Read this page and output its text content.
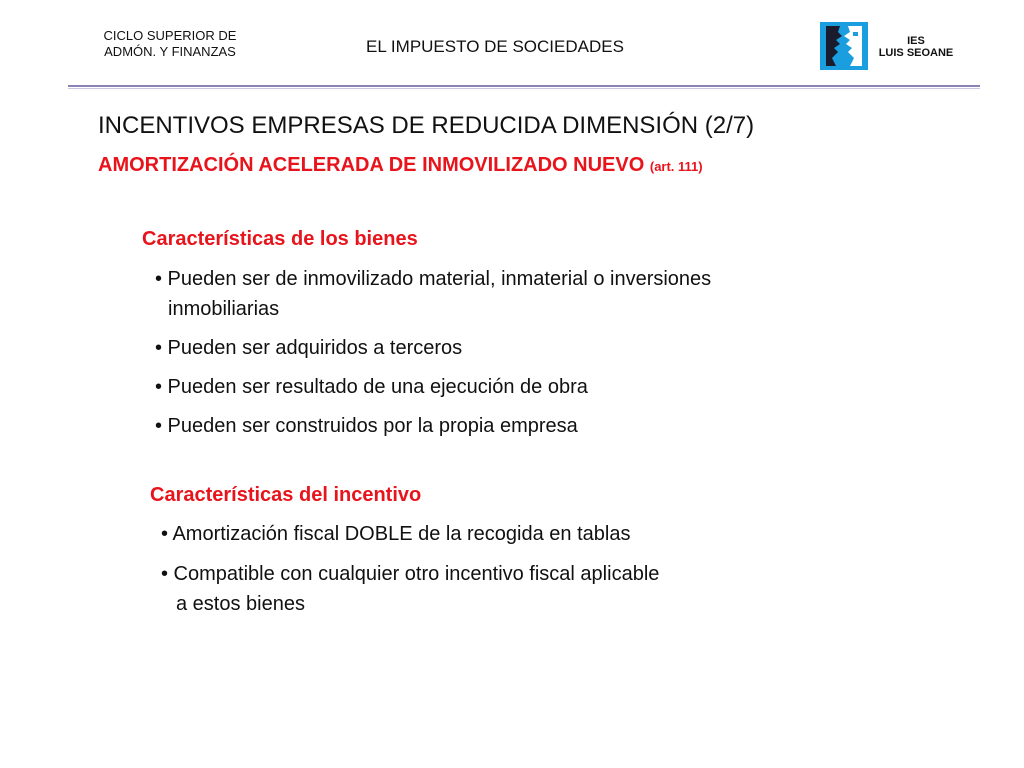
CICLO SUPERIOR DE
ADMÓN. Y FINANZAS	EL IMPUESTO DE SOCIEDADES	IES
LUIS SEOANE
INCENTIVOS EMPRESAS DE REDUCIDA DIMENSIÓN (2/7)
AMORTIZACIÓN ACELERADA DE INMOVILIZADO NUEVO (art. 111)
Características de los bienes
• Pueden ser de inmovilizado material, inmaterial o inversiones
inmobiliarias
• Pueden ser adquiridos a terceros
• Pueden ser resultado de una ejecución de obra
• Pueden ser construidos por la propia empresa
Características del incentivo
• Amortización fiscal DOBLE de la recogida en tablas
• Compatible con cualquier otro incentivo fiscal aplicable
a estos bienes
